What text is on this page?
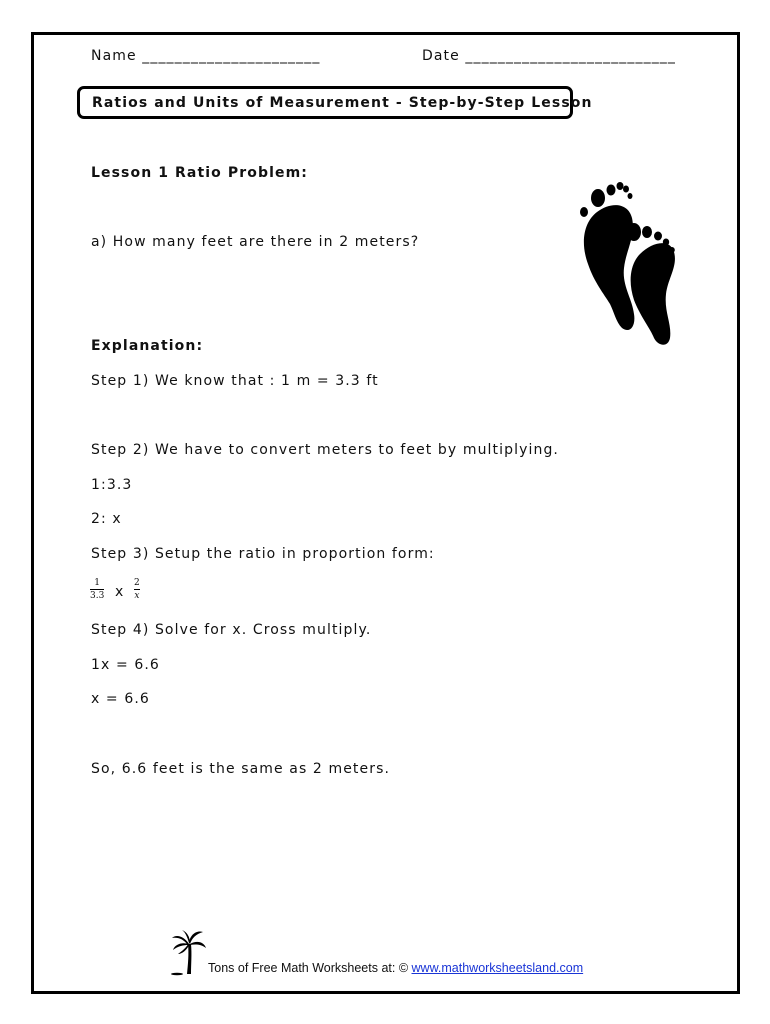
Name ______________________	Date __________________________
Ratios and Units of Measurement - Step-by-Step Lesson
Lesson 1 Ratio Problem:
a) How many feet are there in 2 meters?
Explanation:
Step 1) We know that : 1 m = 3.3 ft
Step 2) We have to convert meters to feet by multiplying.
1:3.3
2: x
Step 3) Setup the ratio in proportion form:
1
3.3 x
2
x
Step 4) Solve for x. Cross multiply.
1x = 6.6
x = 6.6
So, 6.6 feet is the same as 2 meters.
Tons of Free Math Worksheets at: © www.mathworksheetsland.com
